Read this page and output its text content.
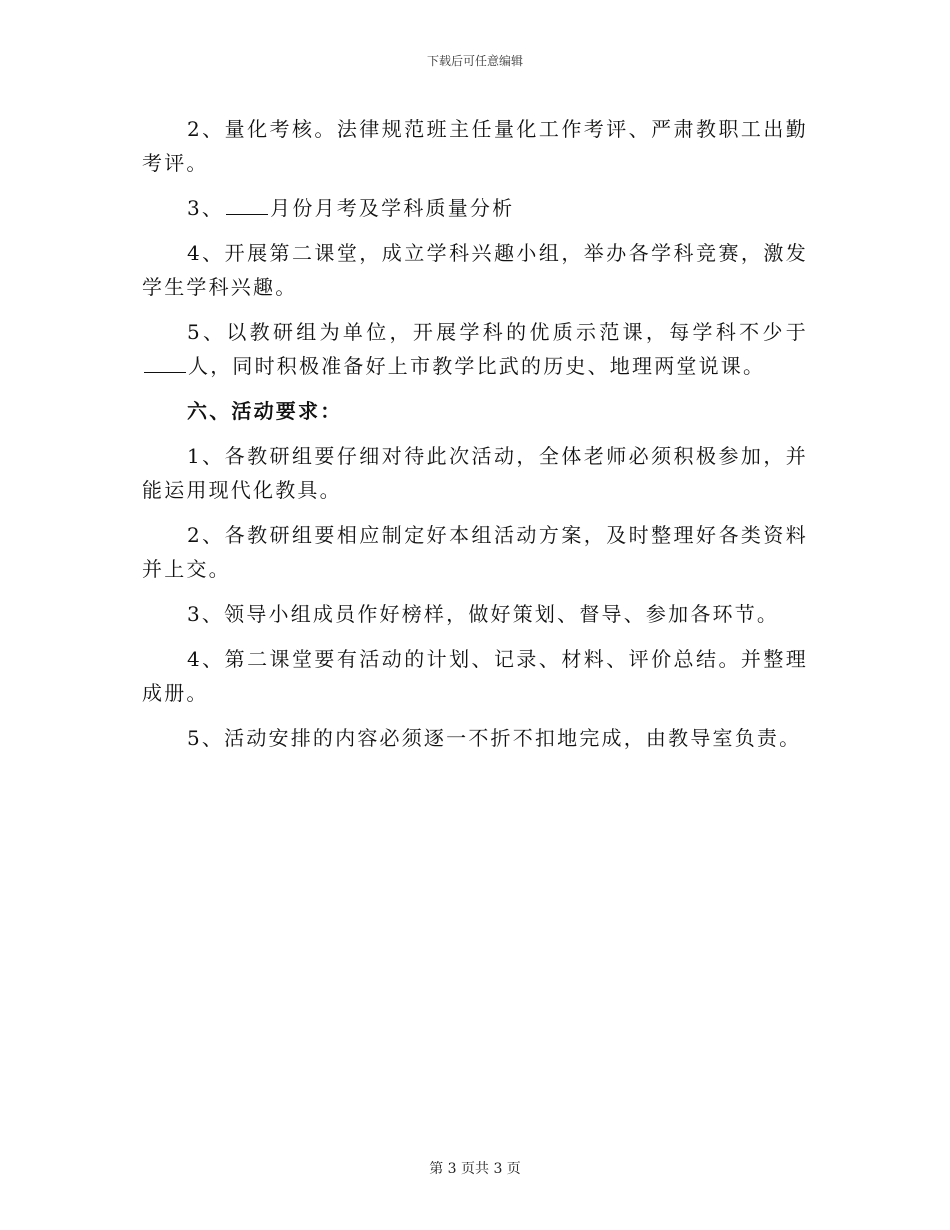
下载后可任意编辑

2、量化考核。法律规范班主任量化工作考评、严肃教职工出勤考评。

3、 月份月考及学科质量分析

4、开展第二课堂，成立学科兴趣小组，举办各学科竞赛，激发学生学科兴趣。

5、以教研组为单位，开展学科的优质示范课，每学科不少于人，同时积极准备好上市教学比武的历史、地理两堂说课。

六、活动要求：

1、各教研组要仔细对待此次活动，全体老师必须积极参加，并能运用现代化教具。

2、各教研组要相应制定好本组活动方案，及时整理好各类资料并上交。

3、领导小组成员作好榜样，做好策划、督导、参加各环节。

4、第二课堂要有活动的计划、记录、材料、评价总结。并整理成册。

5、活动安排的内容必须逐一不折不扣地完成，由教导室负责。

第 3 页共 3 页
